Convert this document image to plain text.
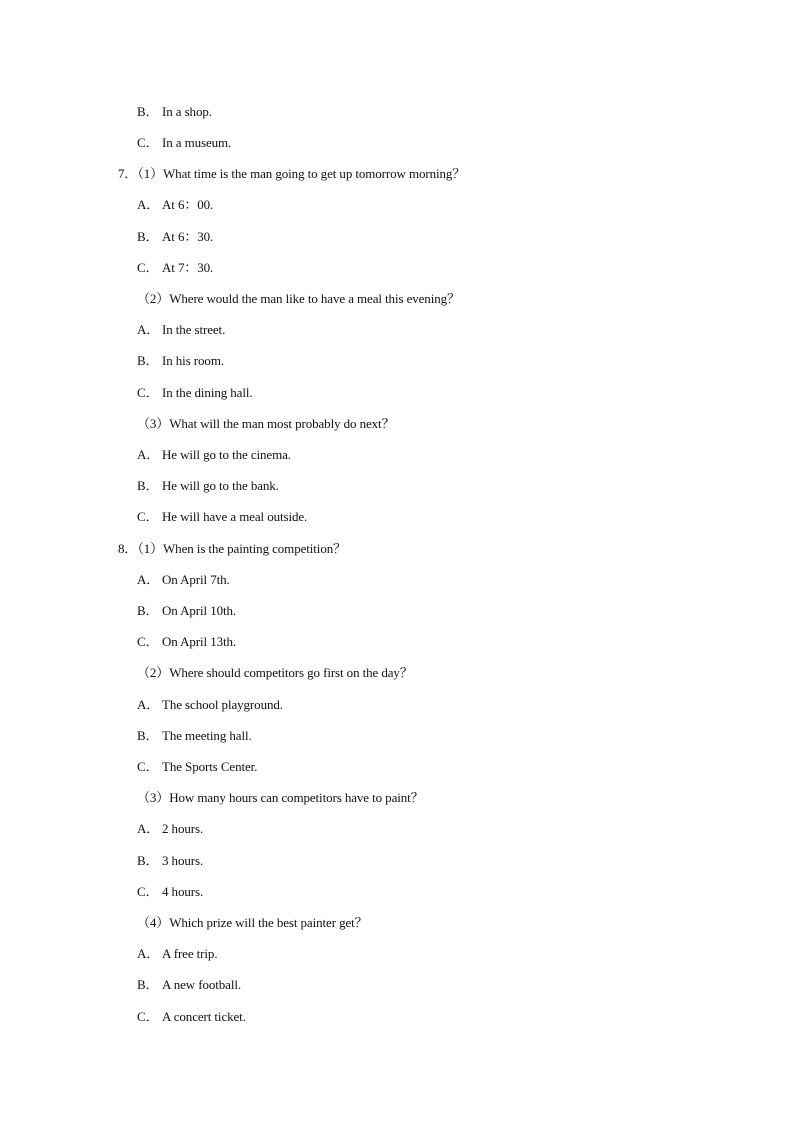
B． In a shop.
C． In a museum.
7．（1）What time is the man going to get up tomorrow morning？
A． At 6：00.
B． At 6：30.
C． At 7：30.
（2）Where would the man like to have a meal this evening？
A． In the street.
B． In his room.
C． In the dining hall.
（3）What will the man most probably do next？
A． He will go to the cinema.
B． He will go to the bank.
C． He will have a meal outside.
8．（1）When is the painting competition？
A． On April 7th.
B． On April 10th.
C． On April 13th.
（2）Where should competitors go first on the day？
A． The school playground.
B． The meeting hall.
C． The Sports Center.
（3）How many hours can competitors have to paint？
A． 2 hours.
B． 3 hours.
C． 4 hours.
（4）Which prize will the best painter get？
A． A free trip.
B． A new football.
C． A concert ticket.
